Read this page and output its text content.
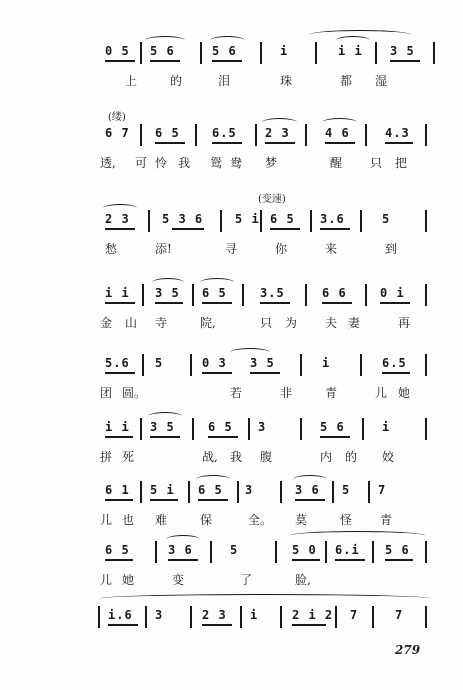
0 5 5 6	5 6	i	i i 3 5
上	的	泪	珠	都 湿
(缕)
6 7 6 5	6.5 2 3	4 6	4.3
透, 可 怜 我 鸳 鸯 梦	醒 只 把
(变速)
2 3	5 3 6	5 i 6 5 3.6	5
愁	添!	寻	你	来	到
i i 3 5 6 5	3.5	6 6	0 i
金 山 寺	院,	只 为 夫 妻	再
5.6 5	0 3 3 5	i	6.5
团 圆。	若	非	青	儿 她
i i 3 5	6 5 3	5 6	i
拼 死	战, 我 腹	内 的 姣
6 1 5 i 6 5 3	3 6 5 7
儿 也 难	保	全。 莫	怪 青
6 5	3 6	5	5 0 6.i 5 6
儿 她	变	了	脸,
i.6 3	2 3 i	2 i 2 7	7
279
